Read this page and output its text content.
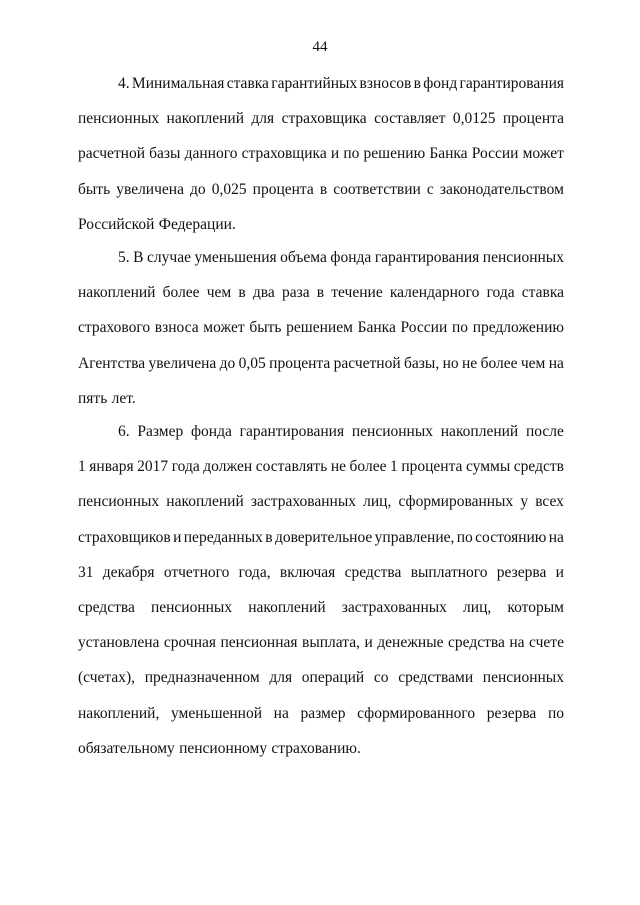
44
4. Минимальная ставка гарантийных взносов в фонд гарантирования
пенсионных накоплений для страховщика составляет 0,0125 процента
расчетной базы данного страховщика и по решению Банка России может
быть увеличена до 0,025 процента в соответствии с законодательством
Российской Федерации.
5. В случае уменьшения объема фонда гарантирования пенсионных
накоплений более чем в два раза в течение календарного года ставка
страхового взноса может быть решением Банка России по предложению
Агентства увеличена до 0,05 процента расчетной базы, но не более чем на
пять лет.
6. Размер фонда гарантирования пенсионных накоплений после
1 января 2017 года должен составлять не более 1 процента суммы средств
пенсионных накоплений застрахованных лиц, сформированных у всех
страховщиков и переданных в доверительное управление, по состоянию на
31 декабря отчетного года, включая средства выплатного резерва и
средства пенсионных накоплений застрахованных лиц, которым
установлена срочная пенсионная выплата, и денежные средства на счете
(счетах), предназначенном для операций со средствами пенсионных
накоплений, уменьшенной на размер сформированного резерва по
обязательному пенсионному страхованию.
